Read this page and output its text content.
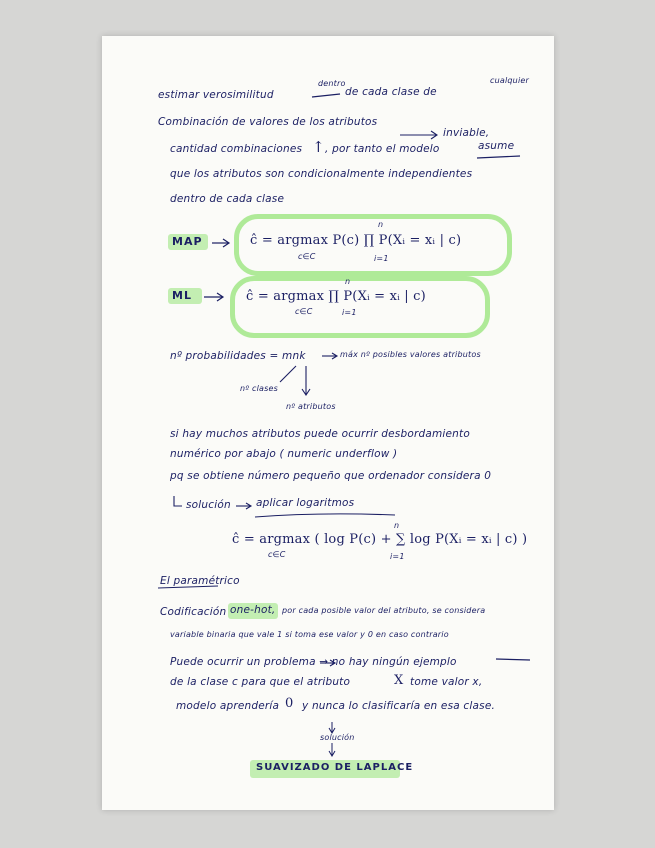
estimar verosimilitud
dentro
de cada clase de
cualquier
Combinación de valores de los atributos
inviable,
cantidad combinaciones ↑ , por tanto el modelo	asume
que los atributos son condicionalmente independientes
dentro de cada clase
MAP	ĉ = argmax P(c) ∏ P(Xᵢ = xᵢ | c)
c∈C
n
i=1
ML	ĉ = argmax ∏ P(Xᵢ = xᵢ | c)
c∈C
n
i=1
nº probabilidades = mnk	máx nº posibles valores atributos
nº clases
nº atributos
si hay muchos atributos puede ocurrir desbordamiento
numérico por abajo ( numeric underflow )
pq se obtiene número pequeño que ordenador considera 0
solución aplicar logaritmos
ĉ = argmax ( log P(c) + ∑ log P(Xᵢ = xᵢ | c) )
c∈C
n
i=1
El paramétrico
Codificación one-hot, por cada posible valor del atributo, se considera
variable binaria que vale 1 si toma ese valor y 0 en caso contrario
Puede ocurrir un problema → no hay ningún ejemplo
de la clase c para que el atributo	X tome valor x,
modelo aprendería 0 y nunca lo clasificaría en esa clase.
solución
SUAVIZADO DE LAPLACE
